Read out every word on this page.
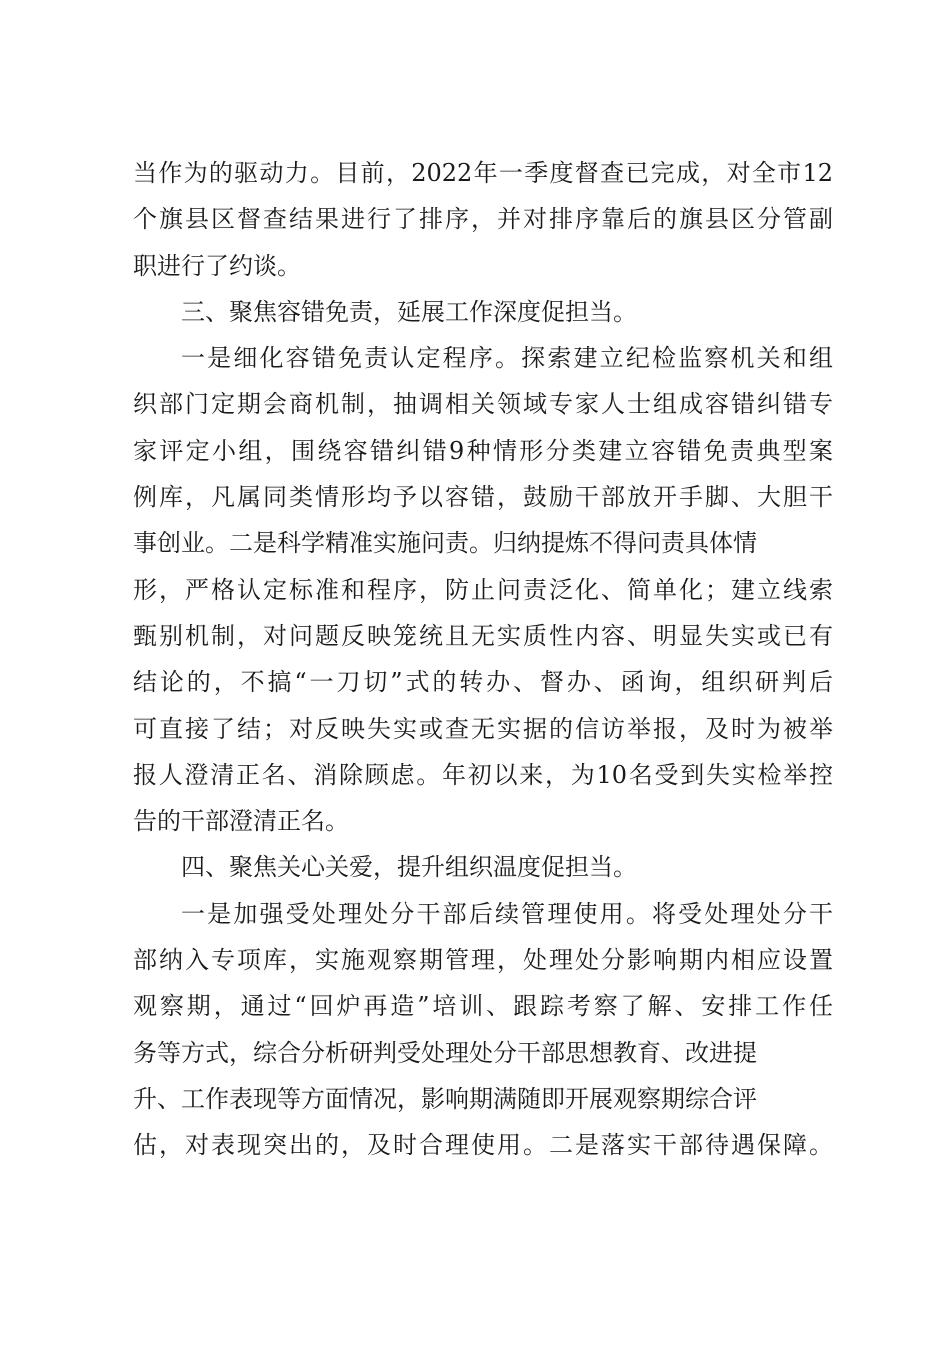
当作为的驱动力。目前，2022年一季度督查已完成，对全市12
个旗县区督查结果进行了排序，并对排序靠后的旗县区分管副
职进行了约谈。
三、聚焦容错免责，延展工作深度促担当。
一是细化容错免责认定程序。探索建立纪检监察机关和组
织部门定期会商机制，抽调相关领域专家人士组成容错纠错专
家评定小组，围绕容错纠错9种情形分类建立容错免责典型案
例库，凡属同类情形均予以容错，鼓励干部放开手脚、大胆干
事创业。二是科学精准实施问责。归纳提炼不得问责具体情
形，严格认定标准和程序，防止问责泛化、简单化；建立线索
甄别机制，对问题反映笼统且无实质性内容、明显失实或已有
结论的，不搞“一刀切”式的转办、督办、函询，组织研判后
可直接了结；对反映失实或查无实据的信访举报，及时为被举
报人澄清正名、消除顾虑。年初以来，为10名受到失实检举控
告的干部澄清正名。
四、聚焦关心关爱，提升组织温度促担当。
一是加强受处理处分干部后续管理使用。将受处理处分干
部纳入专项库，实施观察期管理，处理处分影响期内相应设置
观察期，通过“回炉再造”培训、跟踪考察了解、安排工作任
务等方式，综合分析研判受处理处分干部思想教育、改进提
升、工作表现等方面情况，影响期满随即开展观察期综合评
估，对表现突出的，及时合理使用。二是落实干部待遇保障。
